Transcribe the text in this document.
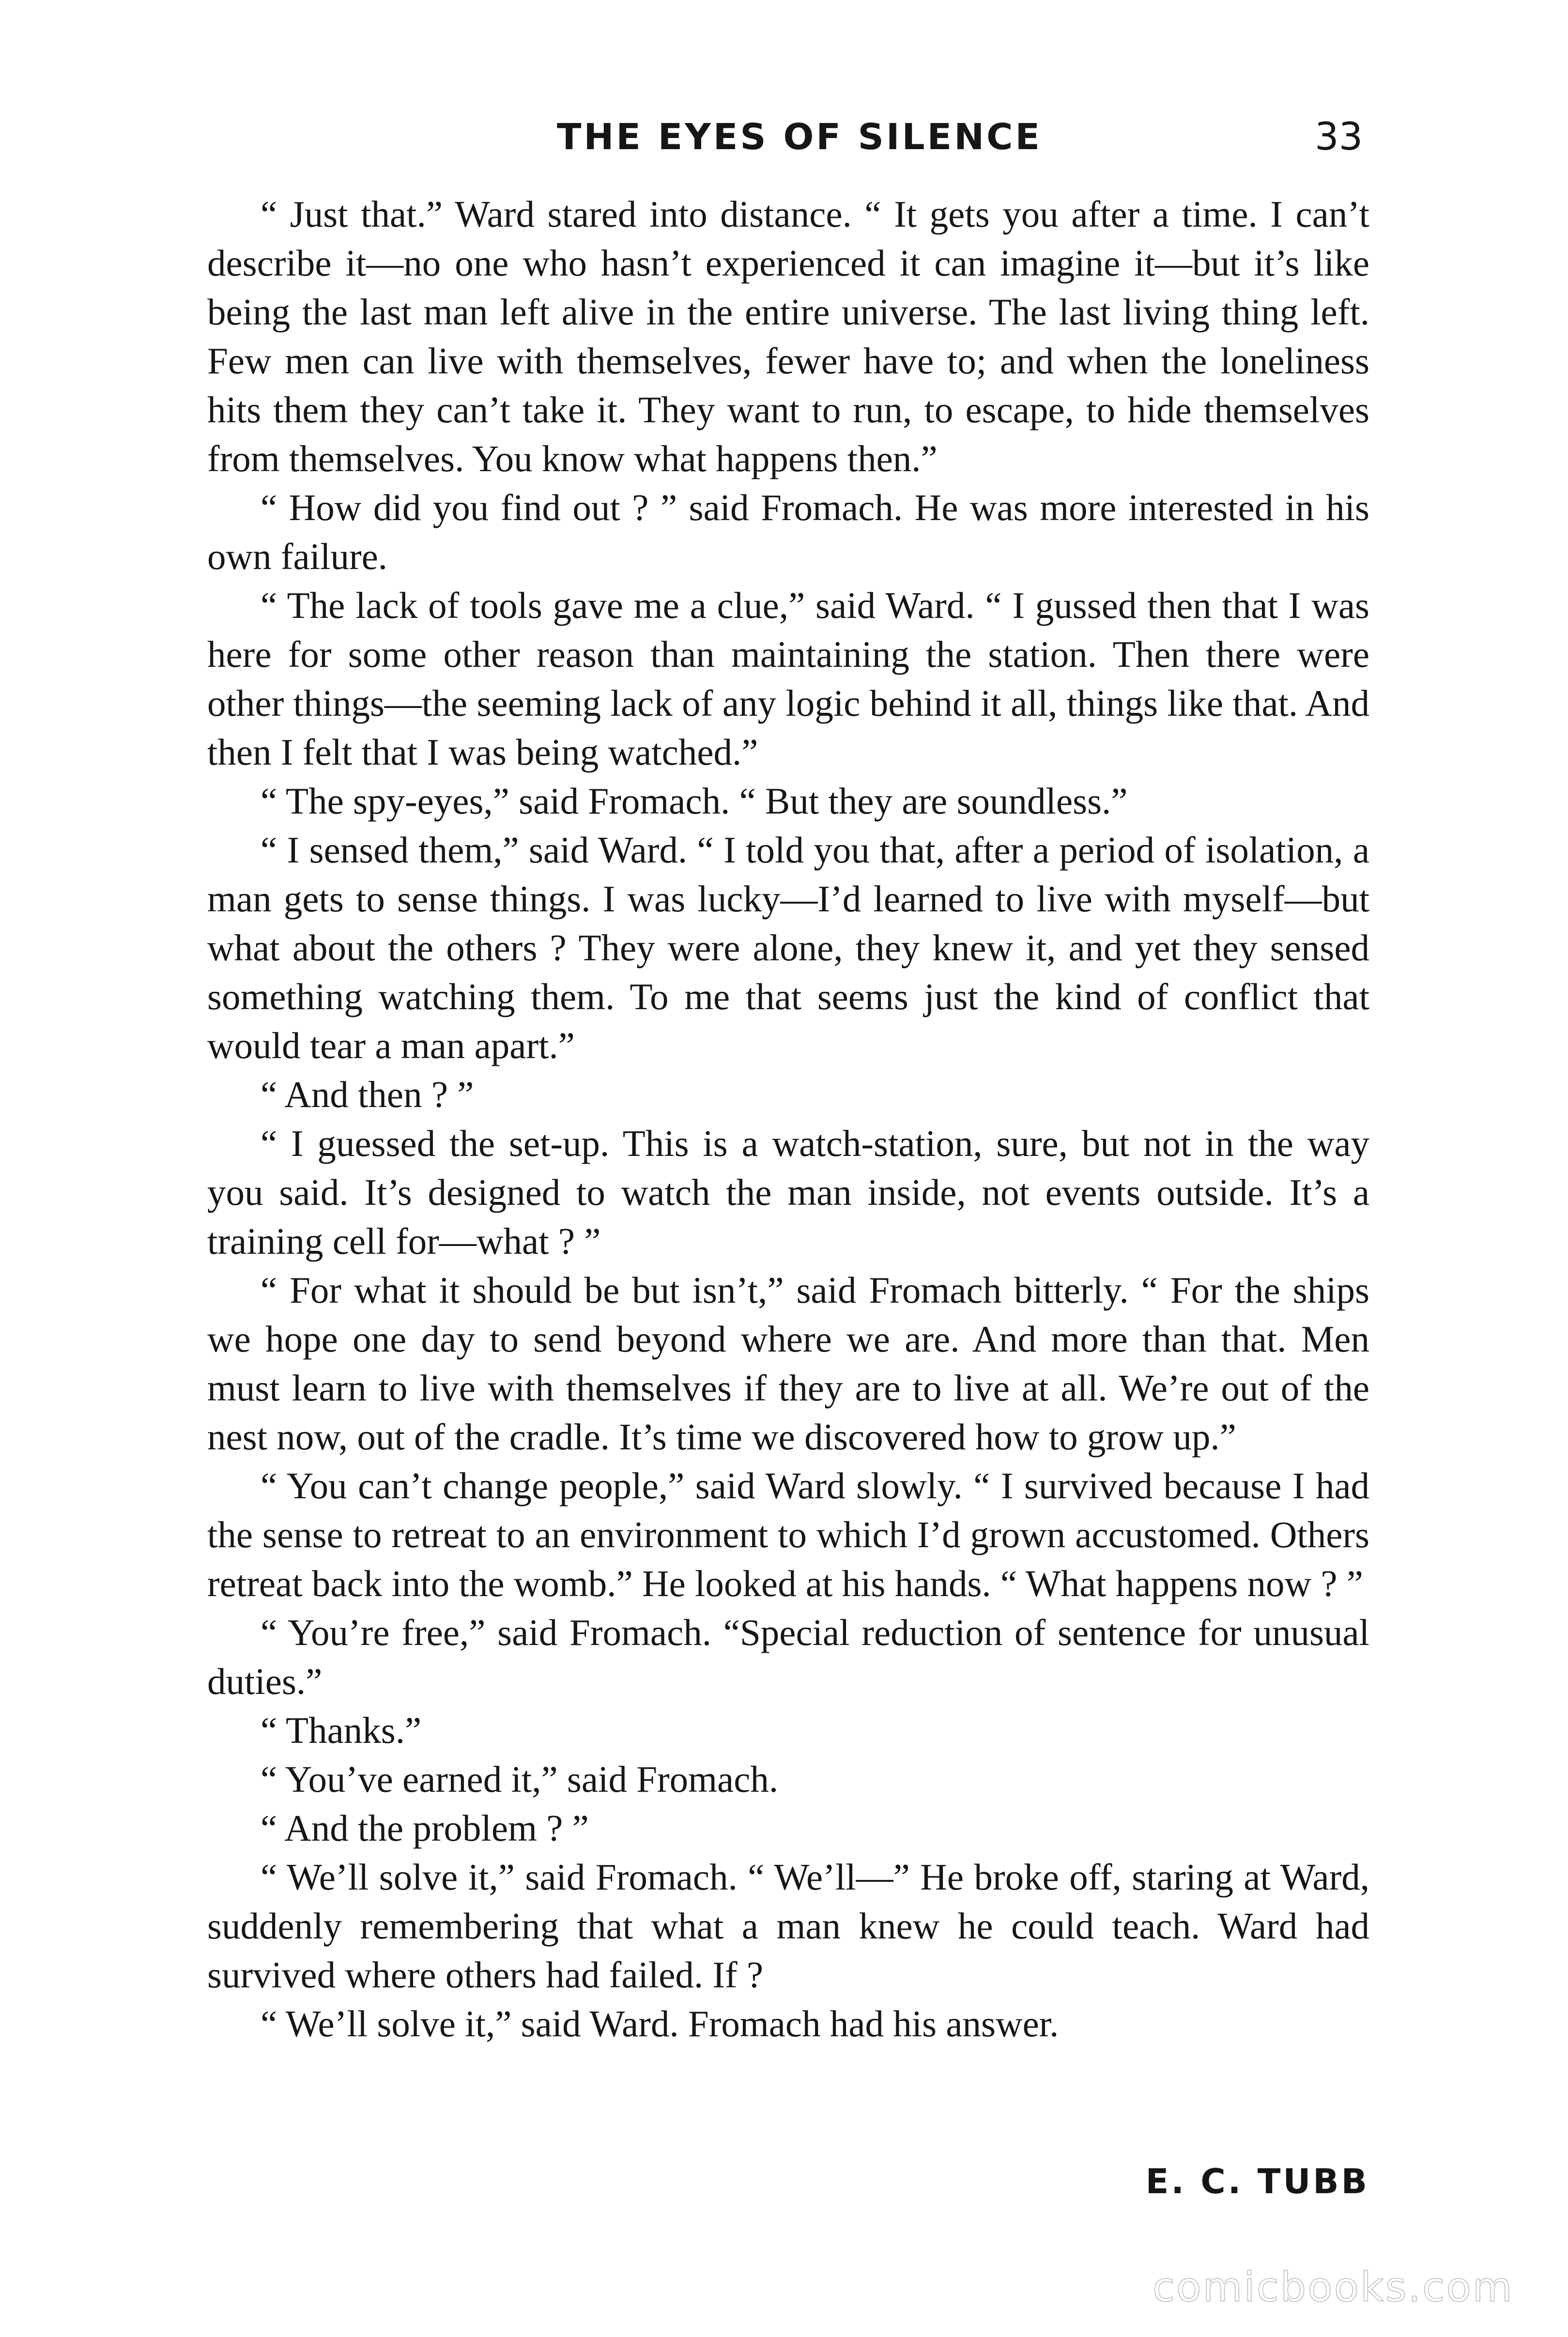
THE EYES OF SILENCE	33

“ Just that.” Ward stared into distance. “ It gets you after a time. I can’t describe it—no one who hasn’t experienced it can imagine it—but it’s like being the last man left alive in the entire universe. The last living thing left. Few men can live with themselves, fewer have to; and when the loneliness hits them they can’t take it. They want to run, to escape, to hide themselves from themselves. You know what happens then.”

“ How did you find out ? ” said Fromach. He was more interested in his own failure.

“ The lack of tools gave me a clue,” said Ward. “ I gussed then that I was here for some other reason than maintaining the station. Then there were other things—the seeming lack of any logic behind it all, things like that. And then I felt that I was being watched.”

“ The spy-eyes,” said Fromach. “ But they are soundless.”

“ I sensed them,” said Ward. “ I told you that, after a period of isolation, a man gets to sense things. I was lucky—I’d learned to live with myself—but what about the others ? They were alone, they knew it, and yet they sensed something watching them. To me that seems just the kind of conflict that would tear a man apart.”

“ And then ? ”

“ I guessed the set-up. This is a watch-station, sure, but not in the way you said. It’s designed to watch the man inside, not events outside. It’s a training cell for—what ? ”

“ For what it should be but isn’t,” said Fromach bitterly. “ For the ships we hope one day to send beyond where we are. And more than that. Men must learn to live with themselves if they are to live at all. We’re out of the nest now, out of the cradle. It’s time we discovered how to grow up.”

“ You can’t change people,” said Ward slowly. “ I survived because I had the sense to retreat to an environment to which I’d grown accustomed. Others retreat back into the womb.” He looked at his hands. “ What happens now ? ”

“ You’re free,” said Fromach. “Special reduction of sentence for unusual duties.”

“ Thanks.”

“ You’ve earned it,” said Fromach.

“ And the problem ? ”

“ We’ll solve it,” said Fromach. “ We’ll—” He broke off, staring at Ward, suddenly remembering that what a man knew he could teach. Ward had survived where others had failed. If ?

“ We’ll solve it,” said Ward. Fromach had his answer.

E. C. TUBB
comicbooks.com
